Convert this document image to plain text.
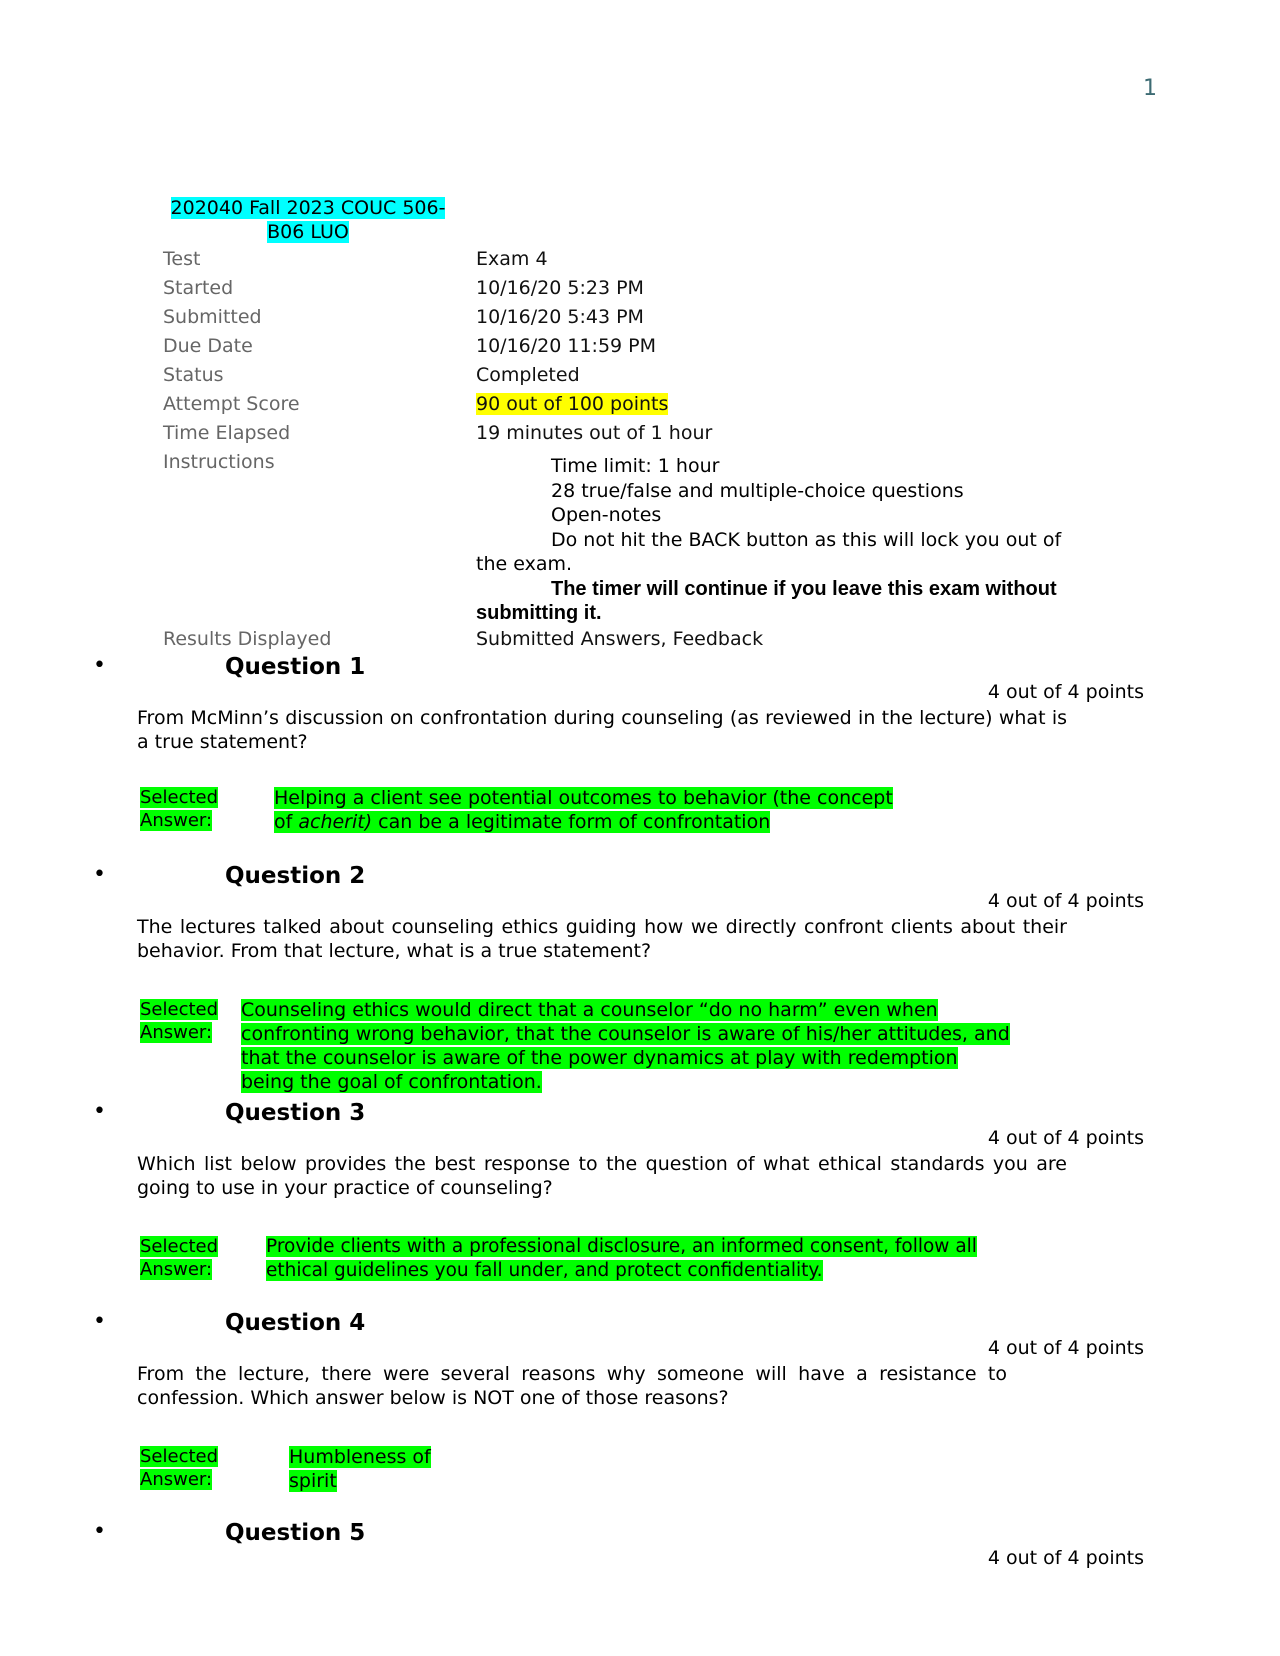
1
202040 Fall 2023 COUC 506-
B06 LUO
Test	Exam 4
Started	10/16/20 5:23 PM
Submitted	10/16/20 5:43 PM
Due Date	10/16/20 11:59 PM
Status	Completed
Attempt Score	90 out of 100 points
Time Elapsed	19 minutes out of 1 hour
Instructions	Time limit: 1 hour
28 true/false and multiple-choice questions
Open-notes
Do not hit the BACK button as this will lock you out of
the exam.
The timer will continue if you leave this exam without
submitting it.
Results Displayed	Submitted Answers, Feedback
•	Question 1
4 out of 4 points
From McMinn’s discussion on confrontation during counseling (as reviewed in the lecture) what is a true statement?
Selected
Answer:
Helping a client see potential outcomes to behavior (the concept
of acherit) can be a legitimate form of confrontation
•	Question 2
4 out of 4 points
The lectures talked about counseling ethics guiding how we directly confront clients about their behavior. From that lecture, what is a true statement?
Selected
Answer:
Counseling ethics would direct that a counselor “do no harm” even when
confronting wrong behavior, that the counselor is aware of his/her attitudes, and
that the counselor is aware of the power dynamics at play with redemption
being the goal of confrontation.
•	Question 3
4 out of 4 points
Which list below provides the best response to the question of what ethical standards you are going to use in your practice of counseling?
Selected
Answer:
Provide clients with a professional disclosure, an informed consent, follow all
ethical guidelines you fall under, and protect confidentiality.
•	Question 4
4 out of 4 points
From the lecture, there were several reasons why someone will have a resistance to confession. Which answer below is NOT one of those reasons?
Selected
Answer:
Humbleness of
spirit
•	Question 5
4 out of 4 points
